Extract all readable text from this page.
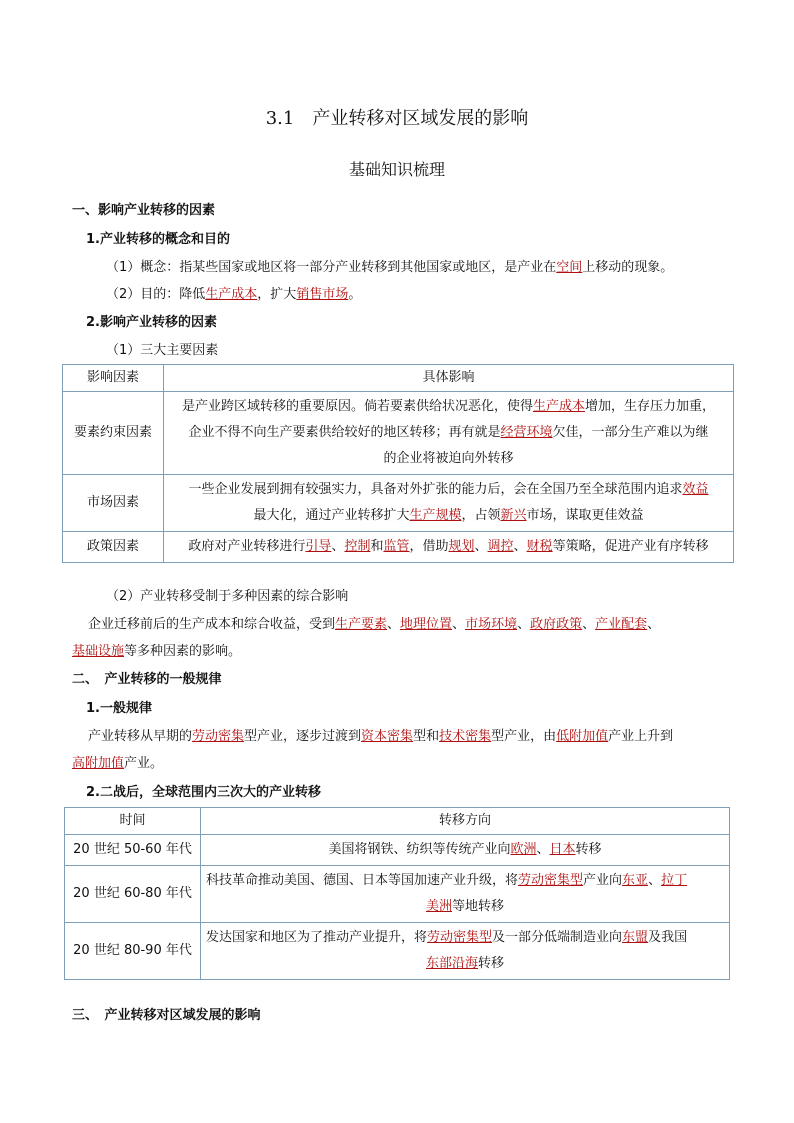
3.1　产业转移对区域发展的影响
基础知识梳理
一、影响产业转移的因素
1.产业转移的概念和目的
（1）概念：指某些国家或地区将一部分产业转移到其他国家或地区，是产业在空间上移动的现象。
（2）目的：降低生产成本，扩大销售市场。
2.影响产业转移的因素
（1）三大主要因素
影响因素	具体影响
要素约束因素	是产业跨区域转移的重要原因。倘若要素供给状况恶化，使得生产成本增加，生存压力加重，
企业不得不向生产要素供给较好的地区转移；再有就是经营环境欠佳，一部分生产难以为继
的企业将被迫向外转移

市场因素	一些企业发展到拥有较强实力，具备对外扩张的能力后，会在全国乃至全球范围内追求效益
最大化，通过产业转移扩大生产规模，占领新兴市场，谋取更佳效益

政策因素	政府对产业转移进行引导、控制和监管，借助规划、调控、财税等策略，促进产业有序转移
（2）产业转移受制于多种因素的综合影响
企业迁移前后的生产成本和综合收益，受到生产要素、地理位置、市场环境、政府政策、产业配套、
基础设施等多种因素的影响。
二、　产业转移的一般规律
1.一般规律
产业转移从早期的劳动密集型产业，逐步过渡到资本密集型和技术密集型产业，由低附加值产业上升到
高附加值产业。
2.二战后，全球范围内三次大的产业转移
时间	转移方向
20 世纪 50-60 年代	美国将钢铁、纺织等传统产业向欧洲、日本转移
20 世纪 60-80 年代	科技革命推动美国、德国、日本等国加速产业升级，将劳动密集型产业向东亚、拉丁
美洲等地转移

20 世纪 80-90 年代	发达国家和地区为了推动产业提升，将劳动密集型及一部分低端制造业向东盟及我国
东部沿海转移
三、　产业转移对区域发展的影响
